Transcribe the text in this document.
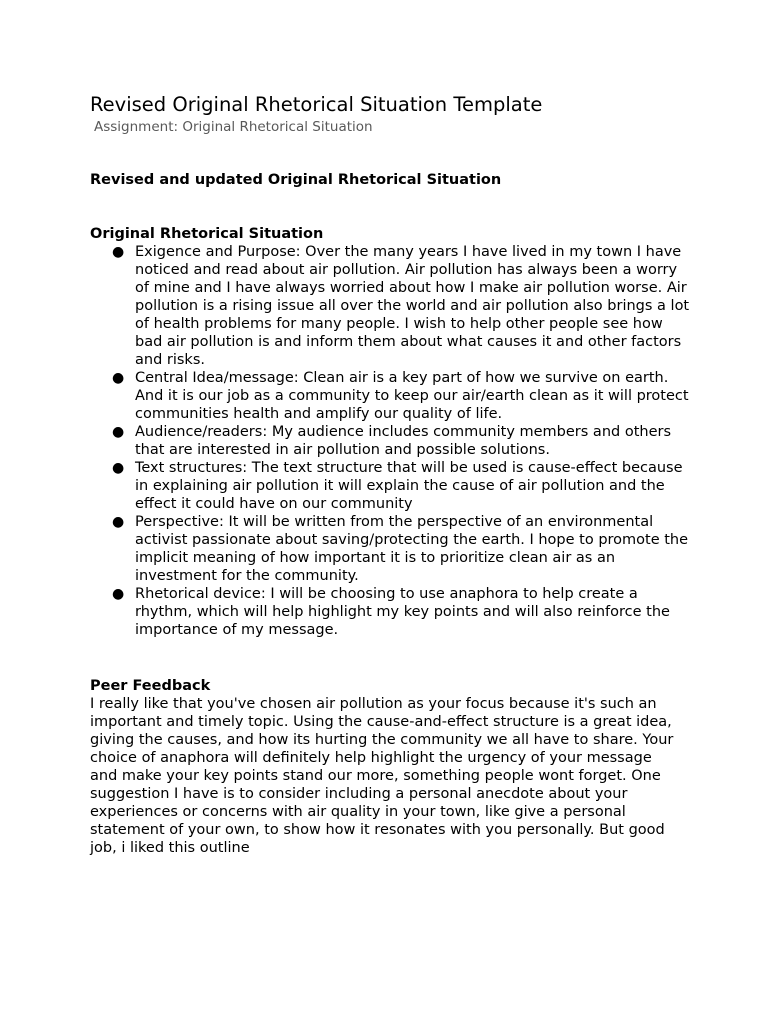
Revised Original Rhetorical Situation Template
Assignment: Original Rhetorical Situation
Revised and updated Original Rhetorical Situation
Original Rhetorical Situation
● Exigence and Purpose: Over the many years I have lived in my town I have noticed and read about air pollution. Air pollution has always been a worry of mine and I have always worried about how I make air pollution worse. Air pollution is a rising issue all over the world and air pollution also brings a lot of health problems for many people. I wish to help other people see how bad air pollution is and inform them about what causes it and other factors and risks.
● Central Idea/message: Clean air is a key part of how we survive on earth. And it is our job as a community to keep our air/earth clean as it will protect communities health and amplify our quality of life.
● Audience/readers: My audience includes community members and others that are interested in air pollution and possible solutions.
● Text structures: The text structure that will be used is cause-effect because in explaining air pollution it will explain the cause of air pollution and the effect it could have on our community
● Perspective: It will be written from the perspective of an environmental activist passionate about saving/protecting the earth. I hope to promote the implicit meaning of how important it is to prioritize clean air as an investment for the community.
● Rhetorical device: I will be choosing to use anaphora to help create a rhythm, which will help highlight my key points and will also reinforce the importance of my message.
Peer Feedback

I really like that you've chosen air pollution as your focus because it's such an important and timely topic. Using the cause-and-effect structure is a great idea, giving the causes, and how its hurting the community we all have to share. Your choice of anaphora will definitely help highlight the urgency of your message and make your key points stand our more, something people wont forget. One suggestion I have is to consider including a personal anecdote about your experiences or concerns with air quality in your town, like give a personal statement of your own, to show how it resonates with you personally. But good job, i liked this outline
